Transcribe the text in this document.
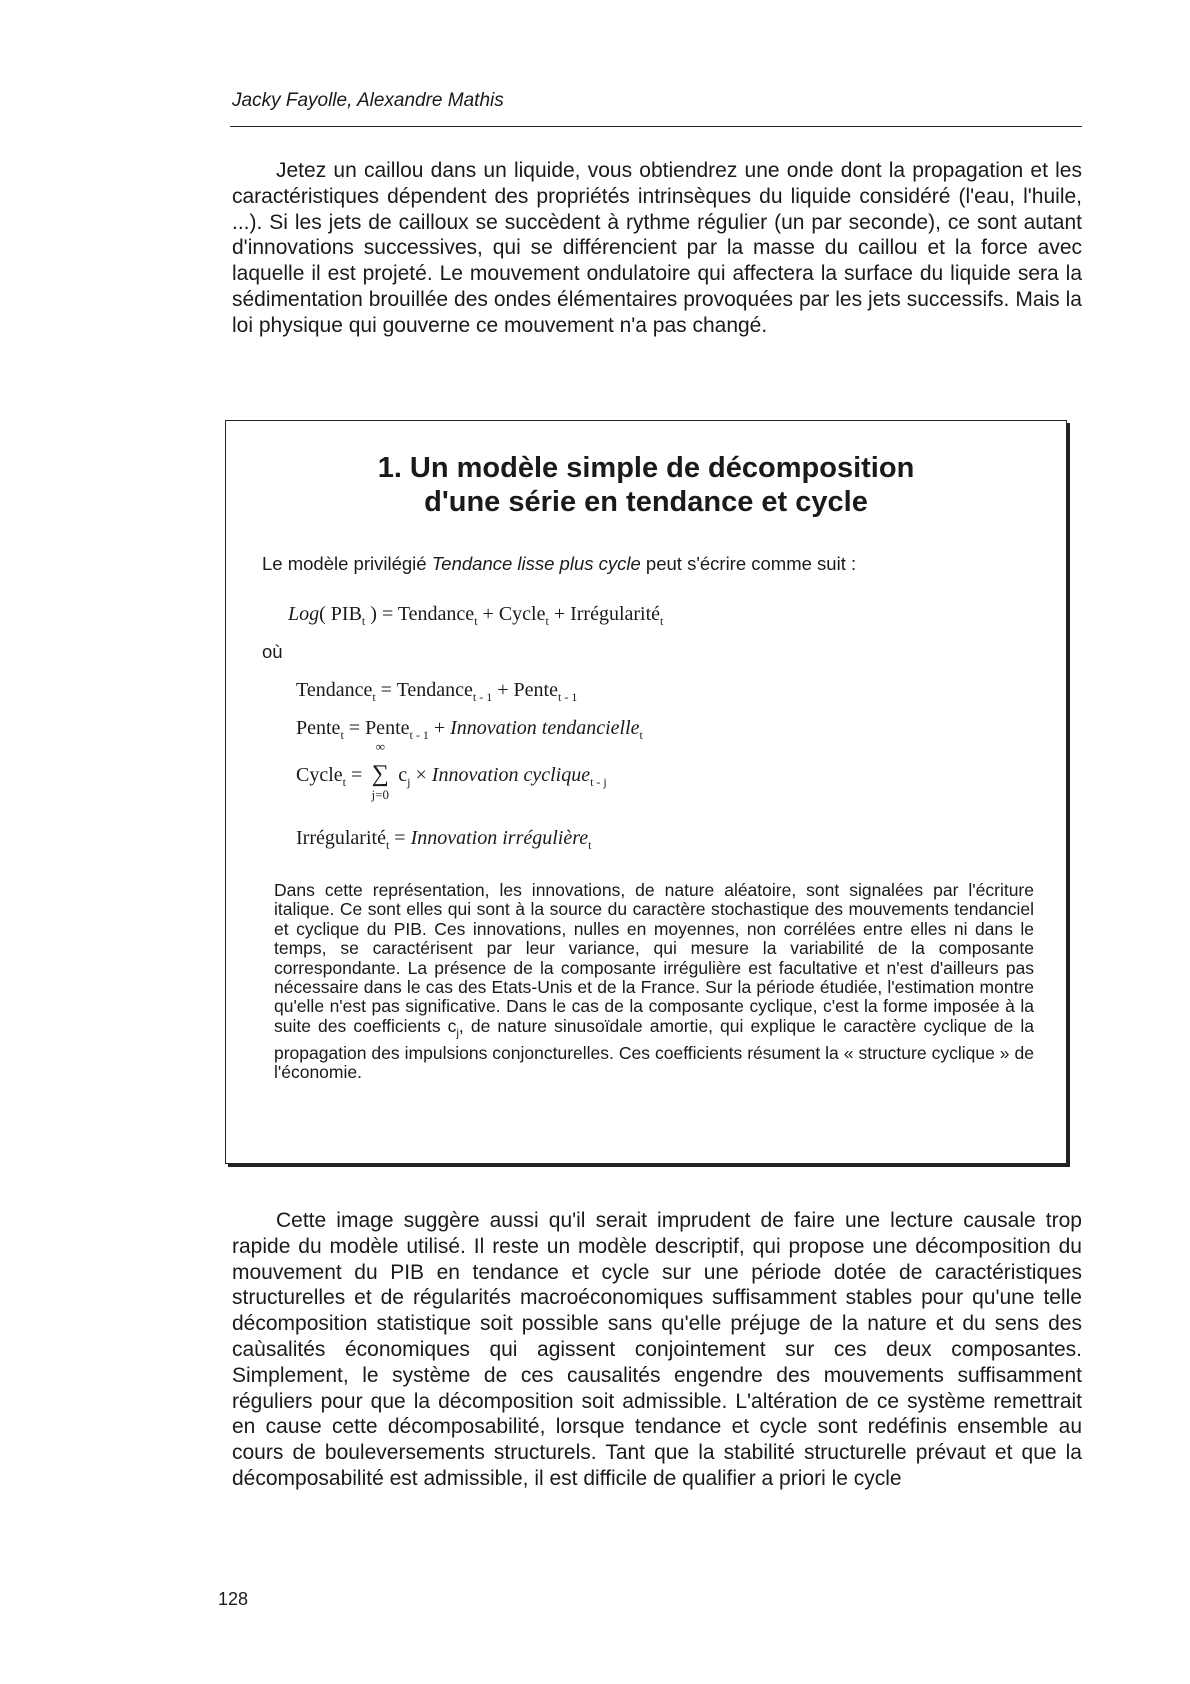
Jacky Fayolle, Alexandre Mathis

Jetez un caillou dans un liquide, vous obtiendrez une onde dont la propagation et les caractéristiques dépendent des propriétés intrinsèques du liquide considéré (l'eau, l'huile, ...). Si les jets de cailloux se succèdent à rythme régulier (un par seconde), ce sont autant d'innovations successives, qui se différencient par la masse du caillou et la force avec laquelle il est projeté. Le mouvement ondulatoire qui affectera la surface du liquide sera la sédimentation brouillée des ondes élémentaires provoquées par les jets successifs. Mais la loi physique qui gouverne ce mouvement n'a pas changé.

1. Un modèle simple de décomposition
d'une série en tendance et cycle

Le modèle privilégié Tendance lisse plus cycle peut s'écrire comme suit :

Log( $PIB_t$ ) = Tendance$_t$ + Cycle$_t$ + Irrégularité$_t$

où

Tendance$_t$ = Tendance$_{t - 1}$ + Pente$_{t - 1}$
Pente$_t$ = Pente$_{t - 1}$ + Innovation tendancielle$_t$
Cycle$_t$ =
∞
∑
j=0
$c_j$ × Innovation cyclique$_{t - j}$
Irrégularité$_t$ = Innovation irrégulière$_t$

Dans cette représentation, les innovations, de nature aléatoire, sont signalées par l'écriture italique. Ce sont elles qui sont à la source du caractère stochastique des mouvements tendanciel et cyclique du PIB. Ces innovations, nulles en moyennes, non corrélées entre elles ni dans le temps, se caractérisent par leur variance, qui mesure la variabilité de la composante correspondante. La présence de la composante irrégulière est facultative et n'est d'ailleurs pas nécessaire dans le cas des Etats-Unis et de la France. Sur la période étudiée, l'estimation montre qu'elle n'est pas significative. Dans le cas de la composante cyclique, c'est la forme imposée à la suite des coefficients $c_j$, de nature sinusoïdale amortie, qui explique le caractère cyclique de la propagation des impulsions conjoncturelles. Ces coefficients résument la « structure cyclique » de l'économie.

Cette image suggère aussi qu'il serait imprudent de faire une lecture causale trop rapide du modèle utilisé. Il reste un modèle descriptif, qui propose une décomposition du mouvement du PIB en tendance et cycle sur une période dotée de caractéristiques structurelles et de régularités macroéconomiques suffisamment stables pour qu'une telle décomposition statistique soit possible sans qu'elle préjuge de la nature et du sens des caùsalités économiques qui agissent conjointement sur ces deux composantes. Simplement, le système de ces causalités engendre des mouvements suffisamment réguliers pour que la décomposition soit admissible. L'altération de ce système remettrait en cause cette décomposabilité, lorsque tendance et cycle sont redéfinis ensemble au cours de bouleversements structurels. Tant que la stabilité structurelle prévaut et que la décomposabilité est admissible, il est difficile de qualifier a priori le cycle

128
